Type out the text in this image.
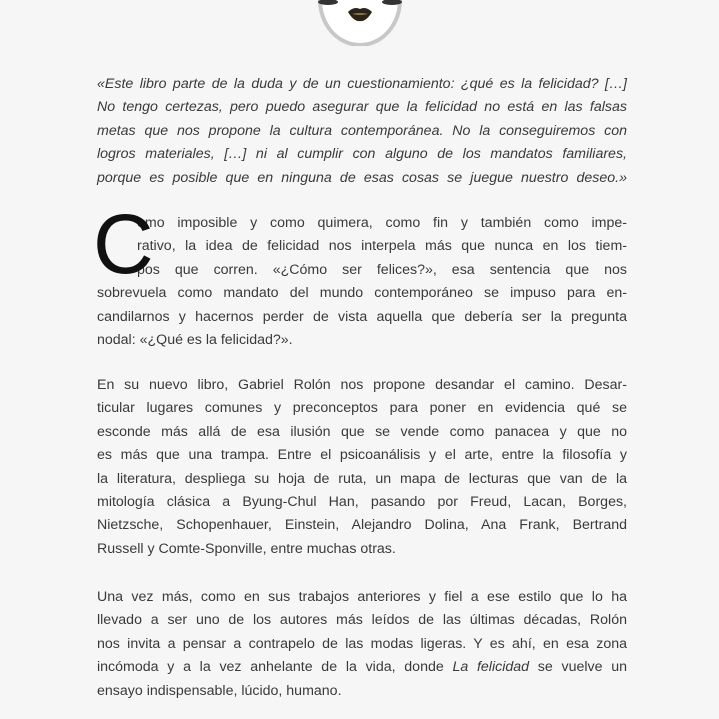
«Este libro parte de la duda y de un cuestionamiento: ¿qué es la felicidad? […]
No tengo certezas, pero puedo asegurar que la felicidad no está en las falsas
metas que nos propone la cultura contemporánea. No la conseguiremos con
logros materiales, […] ni al cumplir con alguno de los mandatos familiares,
porque es posible que en ninguna de esas cosas se juegue nuestro deseo.»
C
omo imposible y como quimera, como fin y también como impe-
rativo, la idea de felicidad nos interpela más que nunca en los tiem-
pos que corren. «¿Cómo ser felices?», esa sentencia que nos
sobrevuela como mandato del mundo contemporáneo se impuso para en-
candilarnos y hacernos perder de vista aquella que debería ser la pregunta
nodal: «¿Qué es la felicidad?».
En su nuevo libro, Gabriel Rolón nos propone desandar el camino. Desar-
ticular lugares comunes y preconceptos para poner en evidencia qué se
esconde más allá de esa ilusión que se vende como panacea y que no
es más que una trampa. Entre el psicoanálisis y el arte, entre la filosofía y
la literatura, despliega su hoja de ruta, un mapa de lecturas que van de la
mitología clásica a Byung-Chul Han, pasando por Freud, Lacan, Borges,
Nietzsche, Schopenhauer, Einstein, Alejandro Dolina, Ana Frank, Bertrand
Russell y Comte-Sponville, entre muchas otras.
Una vez más, como en sus trabajos anteriores y fiel a ese estilo que lo ha
llevado a ser uno de los autores más leídos de las últimas décadas, Rolón
nos invita a pensar a contrapelo de las modas ligeras. Y es ahí, en esa zona
incómoda y a la vez anhelante de la vida, donde La felicidad se vuelve un
ensayo indispensable, lúcido, humano.
